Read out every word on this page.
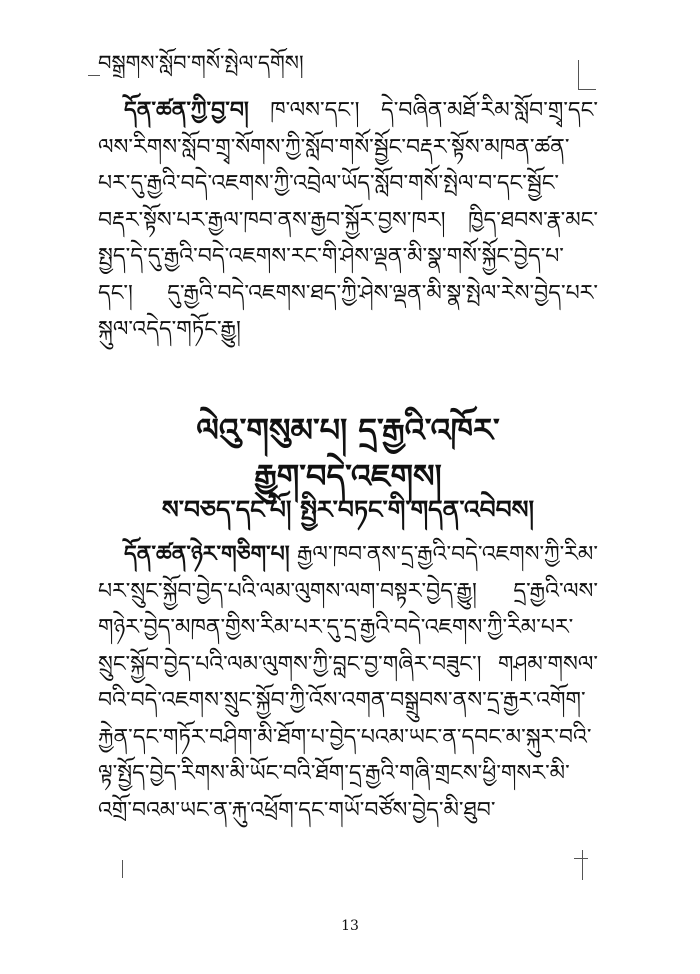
བསྒྲགས་སློབ་གསོ་སྤེལ་དགོས།
དོན་ཚན་ཀྱི་བྱ་བ། ཁ་ལས་དང་། དེ་བཞིན་མཐོ་རིམ་སློབ་གྲྭ་དང་ལས་རིགས་སློབ་གྲྭ་སོགས་ཀྱི་སློབ་གསོ་སྦྱོང་བརྡར་སྟོས་མཁན་ཚན་པར་དུ་རྒྱའི་བདེ་འཇགས་ཀྱི་འབྲེལ་ཡོད་སློབ་གསོ་སྤེལ་བ་དང་སྦྱོང་བརྡར་སྟོས་པར་རྒྱལ་ཁབ་ནས་རྒྱབ་སྐྱོར་བྱས་ཁར། ཁྱིད་ཐབས་རྣ་མང་སྤྱད་དེ་དུ་རྒྱའི་བདེ་འཇགས་རང་གི་ཤེས་ལྡན་མི་སྣ་གསོ་སྐྱོང་བྱེད་པ་དང་། དུ་རྒྱའི་བདེ་འཇགས་ཐད་ཀྱི་ཤེས་ལྡན་མི་སྣ་སྤེལ་རེས་བྱེད་པར་སྐུལ་འདེད་གཏོང་རྒྱུ།
ལེའུ་གསུམ་པ། དྲ་རྒྱའི་འཁོར་
རྒྱུག་བདེ་འཇགས།
ས་བཅད་དང་པོ། སྤྱིར་བཏང་གི་གདན་འབེབས།
དོན་ཚན་ཉེར་གཅིག་པ། རྒྱལ་ཁབ་ནས་དྲ་རྒྱའི་བདེ་འཇགས་ཀྱི་རིམ་པར་སྲུང་སྐྱོབ་བྱེད་པའི་ལམ་ལུགས་ལག་བསྟར་བྱེད་རྒྱུ། དྲ་རྒྱའི་ལས་གཉེར་བྱེད་མཁན་གྱིས་རིམ་པར་དུ་དྲ་རྒྱའི་བདེ་འཇགས་ཀྱི་རིམ་པར་སྲུང་སྐྱོབ་བྱེད་པའི་ལམ་ལུགས་ཀྱི་བླང་བྱ་གཞིར་བཟུང་། གཤམ་གསལ་བའི་བདེ་འཇགས་སྲུང་སྐྱོབ་ཀྱི་འོས་འགན་བསྒྲུབས་ནས་དྲ་རྒྱར་འགོག་རྐྱེན་དང་གཏོར་བཤིག་མི་ཐོག་པ་བྱེད་པའམ་ཡང་ན་དབང་མ་སྐུར་བའི་ལྟ་སྤྱོད་བྱེད་རིགས་མི་ཡོང་བའི་ཐོག་དྲ་རྒྱའི་གཞི་གྲངས་ཕྱི་གསར་མི་འགྲོ་བའམ་ཡང་ན་རྐུ་འཕྲོག་དང་གཡོ་བཙོས་བྱེད་མི་ཐུབ་
13
